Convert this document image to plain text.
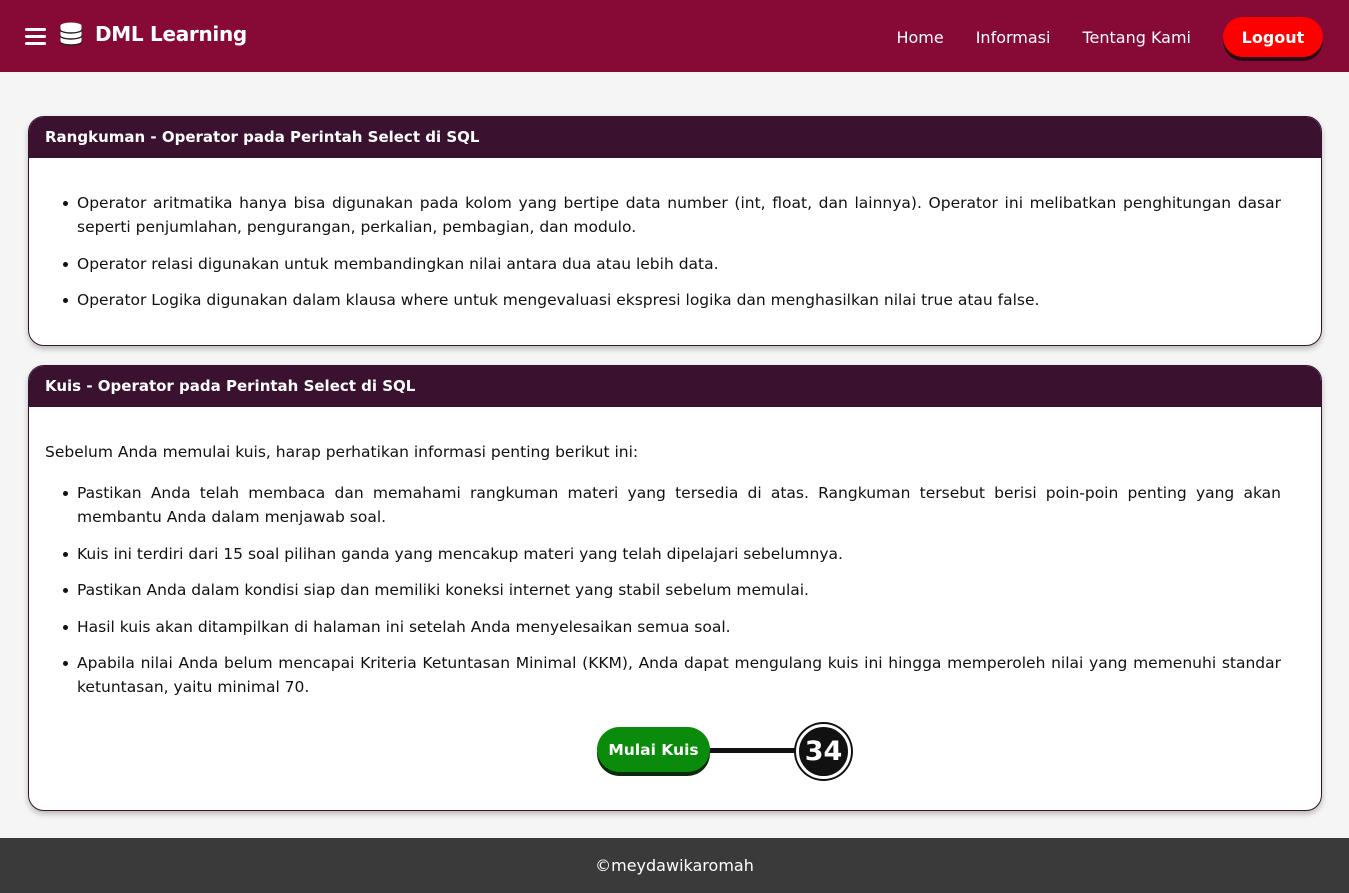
DML Learning	Home Informasi Tentang Kami	Logout
Rangkuman - Operator pada Perintah Select di SQL
Operator aritmatika hanya bisa digunakan pada kolom yang bertipe data number (int, float, dan lainnya). Operator ini melibatkan penghitungan dasar seperti penjumlahan, pengurangan, perkalian, pembagian, dan modulo.
Operator relasi digunakan untuk membandingkan nilai antara dua atau lebih data.
Operator Logika digunakan dalam klausa where untuk mengevaluasi ekspresi logika dan menghasilkan nilai true atau false.
Kuis - Operator pada Perintah Select di SQL
Sebelum Anda memulai kuis, harap perhatikan informasi penting berikut ini:
Pastikan Anda telah membaca dan memahami rangkuman materi yang tersedia di atas. Rangkuman tersebut berisi poin-poin penting yang akan membantu Anda dalam menjawab soal.
Kuis ini terdiri dari 15 soal pilihan ganda yang mencakup materi yang telah dipelajari sebelumnya.
Pastikan Anda dalam kondisi siap dan memiliki koneksi internet yang stabil sebelum memulai.
Hasil kuis akan ditampilkan di halaman ini setelah Anda menyelesaikan semua soal.
Apabila nilai Anda belum mencapai Kriteria Ketuntasan Minimal (KKM), Anda dapat mengulang kuis ini hingga memperoleh nilai yang memenuhi standar ketuntasan, yaitu minimal 70.
Mulai Kuis	34
©meydawikaromah
